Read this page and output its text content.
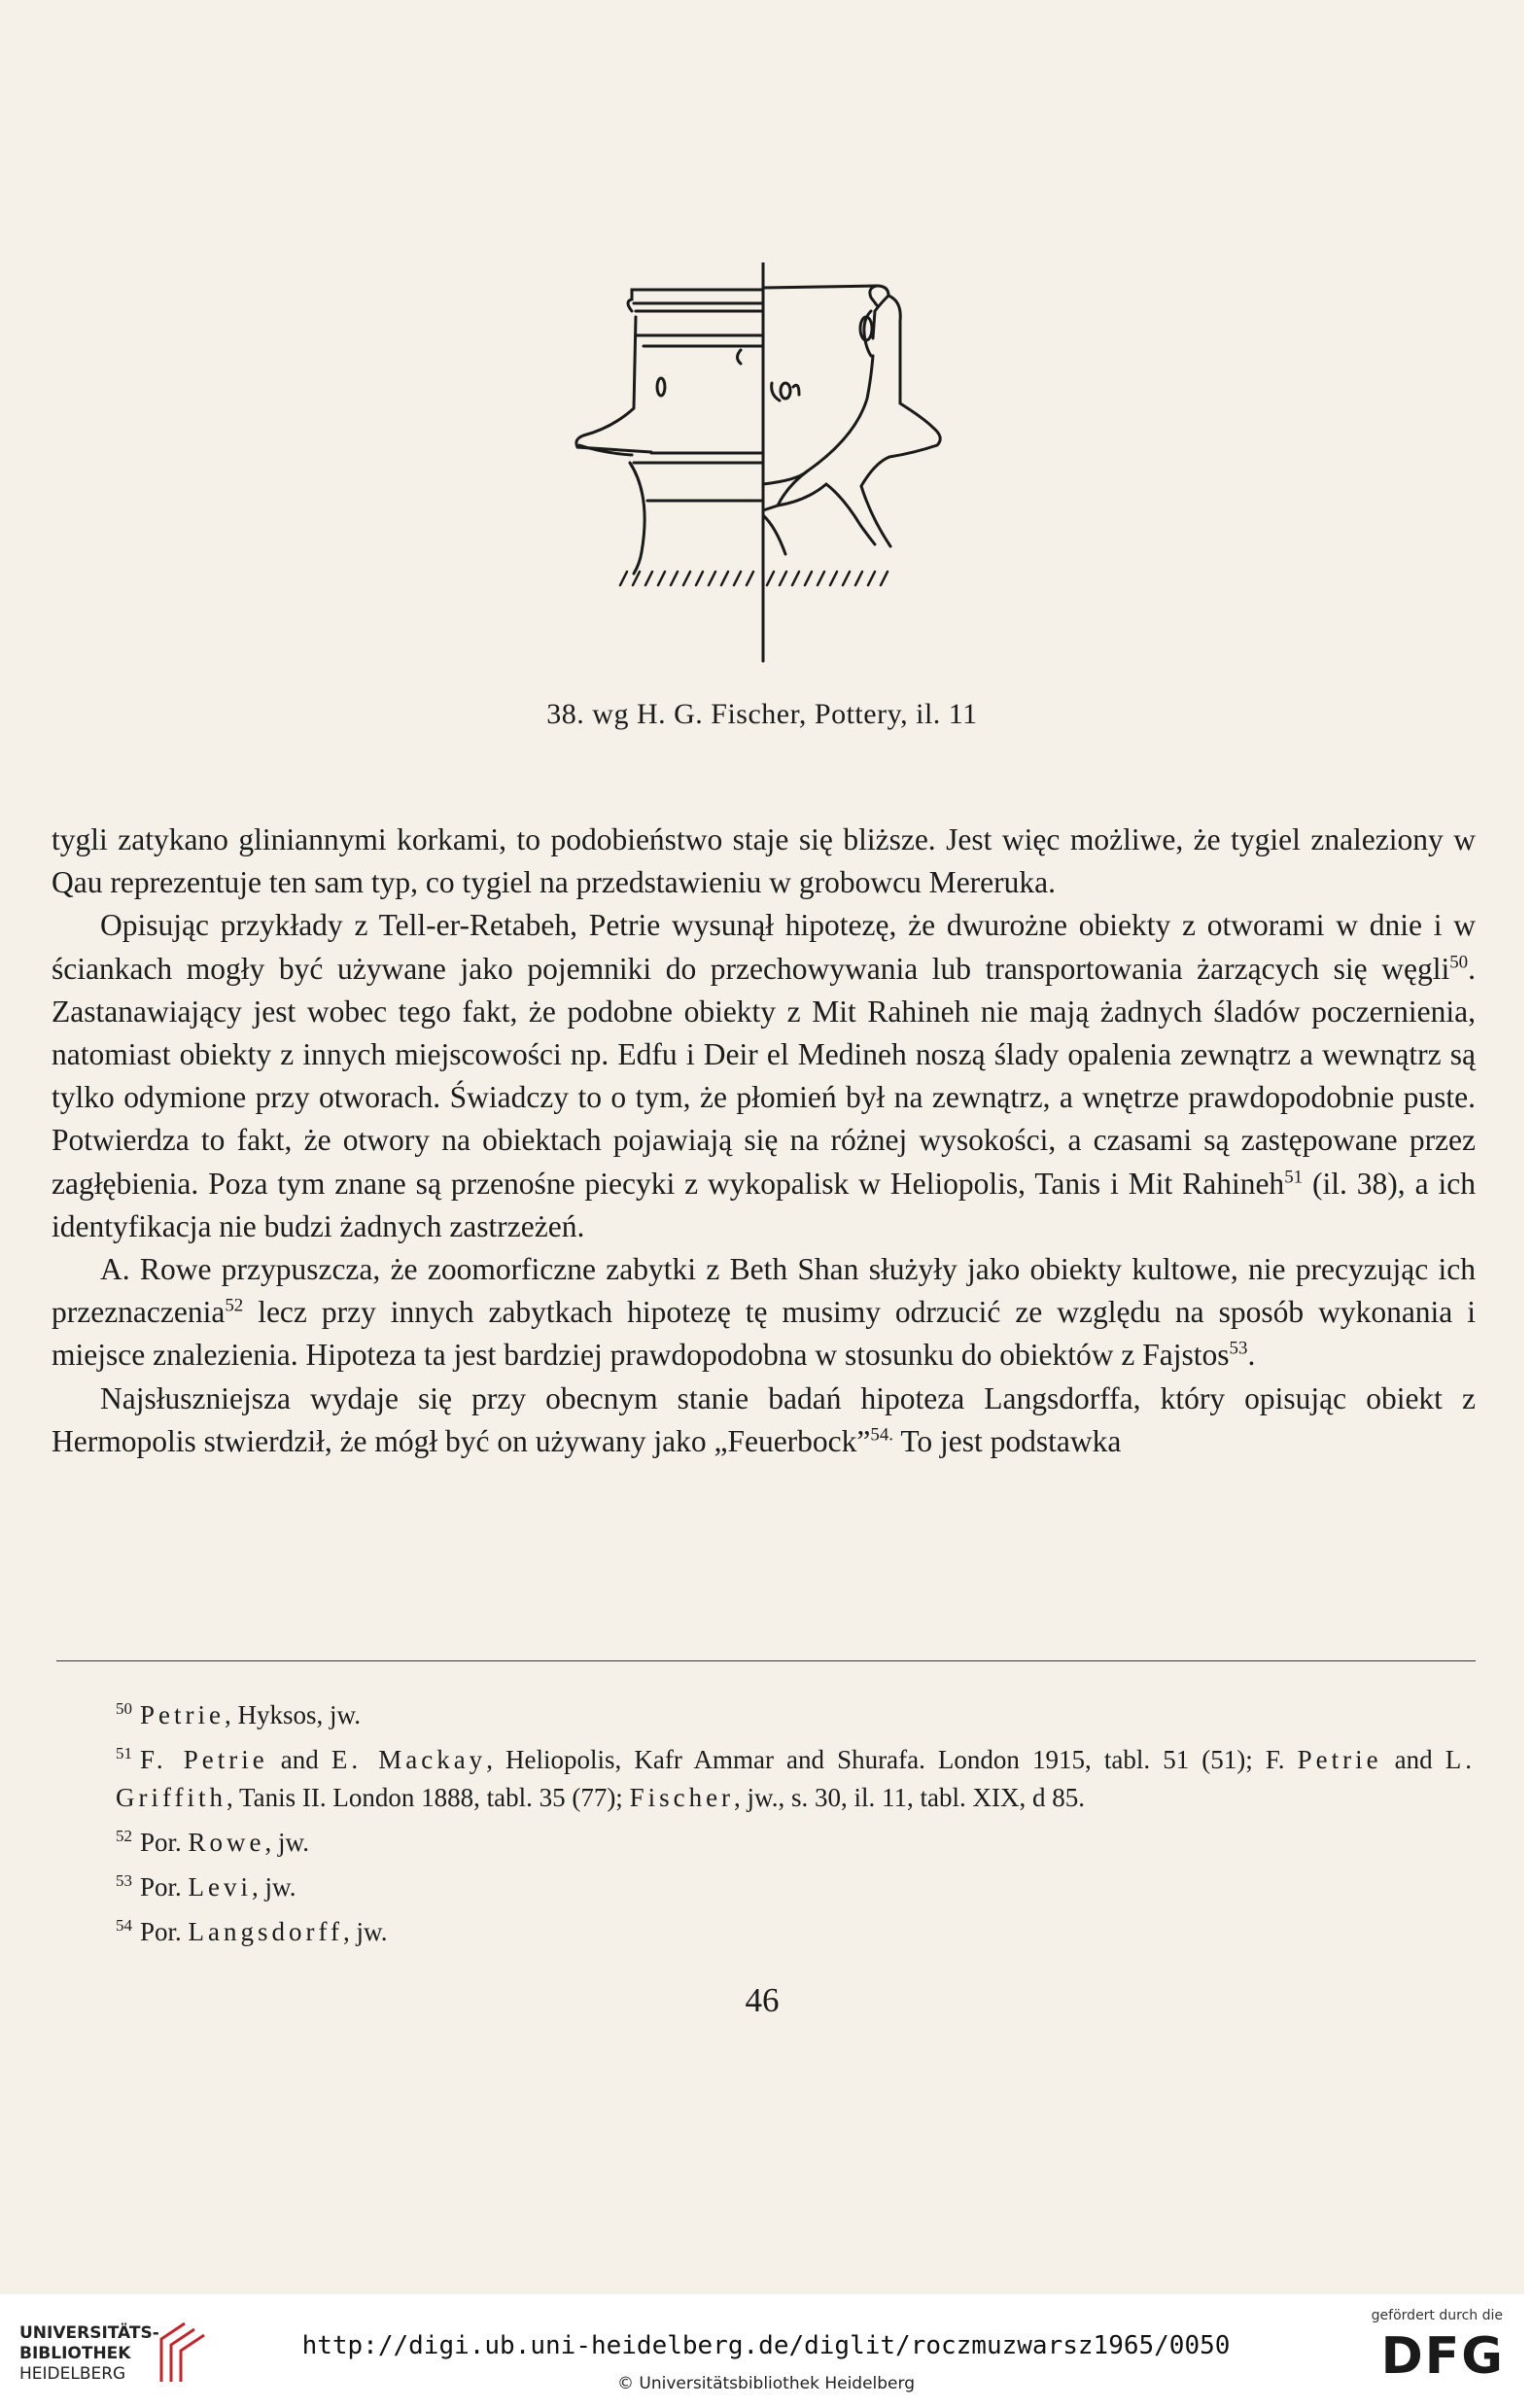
38. wg H. G. Fischer, Pottery, il. 11

tygli zatykano gliniannymi korkami, to podobieństwo staje się bliższe. Jest więc możliwe, że tygiel znaleziony w Qau reprezentuje ten sam typ, co tygiel na przedstawieniu w grobowcu Mereruka.

Opisując przykłady z Tell-er-Retabeh, Petrie wysunął hipotezę, że dwurożne obiekty z otworami w dnie i w ściankach mogły być używane jako pojemniki do przechowywania lub transportowania żarzących się węgli$^{50}$. Zastanawiający jest wobec tego fakt, że podobne obiekty z Mit Rahineh nie mają żadnych śladów poczernienia, natomiast obiekty z innych miejscowości np. Edfu i Deir el Medineh noszą ślady opalenia zewnątrz a wewnątrz są tylko odymione przy otworach. Świadczy to o tym, że płomień był na zewnątrz, a wnętrze prawdopodobnie puste. Potwierdza to fakt, że otwory na obiektach pojawiają się na różnej wysokości, a czasami są zastępowane przez zagłębienia. Poza tym znane są przenośne piecyki z wykopalisk w Heliopolis, Tanis i Mit Rahineh$^{51}$ (il. 38), a ich identyfikacja nie budzi żadnych zastrzeżeń.

A. Rowe przypuszcza, że zoomorficzne zabytki z Beth Shan służyły jako obiekty kultowe, nie precyzując ich przeznaczenia$^{52}$ lecz przy innych zabytkach hipotezę tę musimy odrzucić ze względu na sposób wykonania i miejsce znalezienia. Hipoteza ta jest bardziej prawdopodobna w stosunku do obiektów z Fajstos$^{53}$.

Najsłuszniejsza wydaje się przy obecnym stanie badań hipoteza Langsdorffa, który opisując obiekt z Hermopolis stwierdził, że mógł być on używany jako „Feuerbock”$^{54.}$ To jest podstawka

$^{50}$ Petrie, Hyksos, jw.

$^{51}$ F. Petrie and E. Mackay, Heliopolis, Kafr Ammar and Shurafa. London 1915, tabl. 51 (51); F. Petrie and L. Griffith, Tanis II. London 1888, tabl. 35 (77); Fischer, jw., s. 30, il. 11, tabl. XIX, d 85.

$^{52}$ Por. Rowe, jw.

$^{53}$ Por. Levi, jw.

$^{54}$ Por. Langsdorff, jw.

46
UNIVERSITÄTS-
BIBLIOTHEK
HEIDELBERG
http://digi.ub.uni-heidelberg.de/diglit/roczmuzwarsz1965/0050
© Universitätsbibliothek Heidelberg
gefördert durch die
DFG
